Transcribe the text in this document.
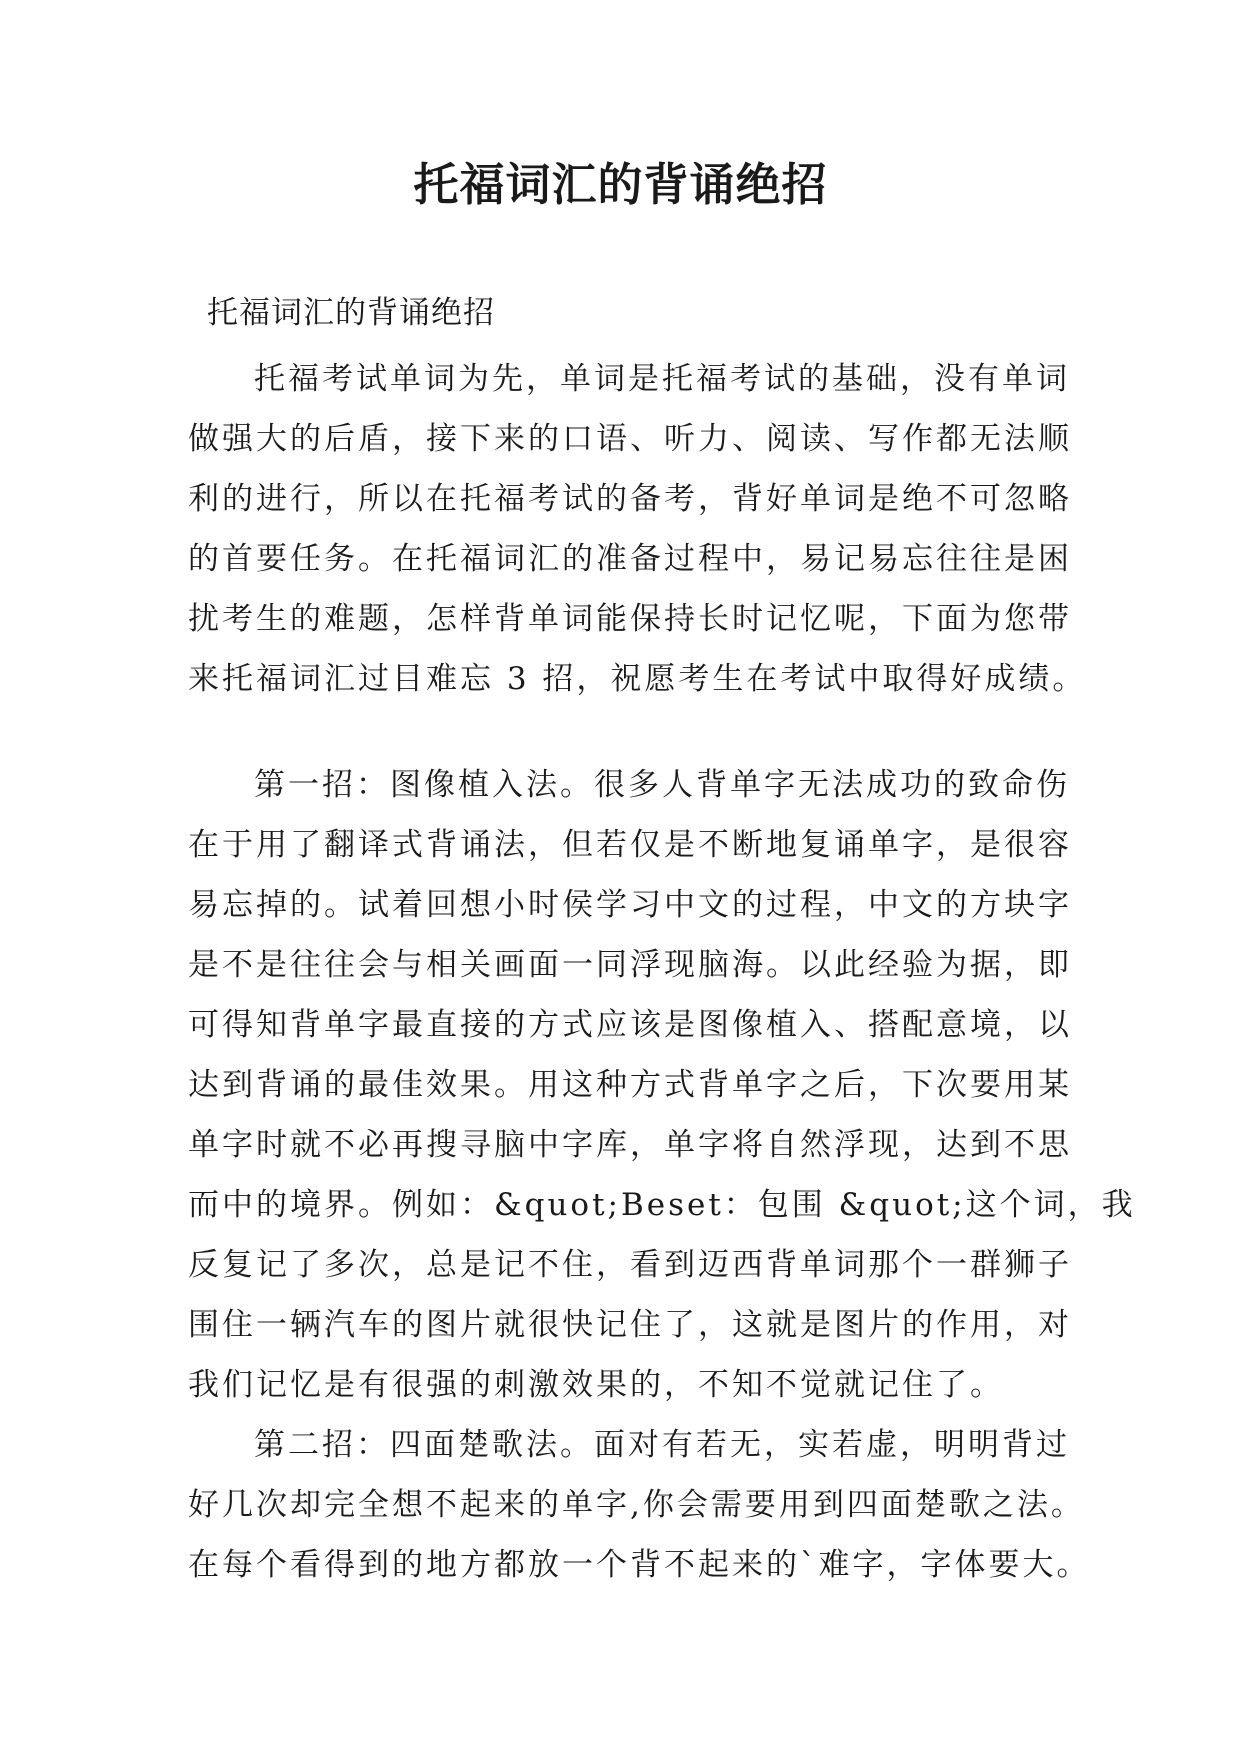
托福词汇的背诵绝招
托福词汇的背诵绝招
托福考试单词为先，单词是托福考试的基础，没有单词
做强大的后盾，接下来的口语、听力、阅读、写作都无法顺
利的进行，所以在托福考试的备考，背好单词是绝不可忽略
的首要任务。在托福词汇的准备过程中，易记易忘往往是困
扰考生的难题，怎样背单词能保持长时记忆呢，下面为您带
来托福词汇过目难忘 3 招，祝愿考生在考试中取得好成绩。
第一招：图像植入法。很多人背单字无法成功的致命伤
在于用了翻译式背诵法，但若仅是不断地复诵单字，是很容
易忘掉的。试着回想小时侯学习中文的过程，中文的方块字
是不是往往会与相关画面一同浮现脑海。以此经验为据，即
可得知背单字最直接的方式应该是图像植入、搭配意境，以
达到背诵的最佳效果。用这种方式背单字之后，下次要用某
单字时就不必再搜寻脑中字库，单字将自然浮现，达到不思
而中的境界。例如：&quot;Beset：包围 &quot;这个词，我
反复记了多次，总是记不住，看到迈西背单词那个一群狮子
围住一辆汽车的图片就很快记住了，这就是图片的作用，对
我们记忆是有很强的刺激效果的，不知不觉就记住了。
第二招：四面楚歌法。面对有若无，实若虚，明明背过
好几次却完全想不起来的单字,你会需要用到四面楚歌之法。
在每个看得到的地方都放一个背不起来的`难字，字体要大。
